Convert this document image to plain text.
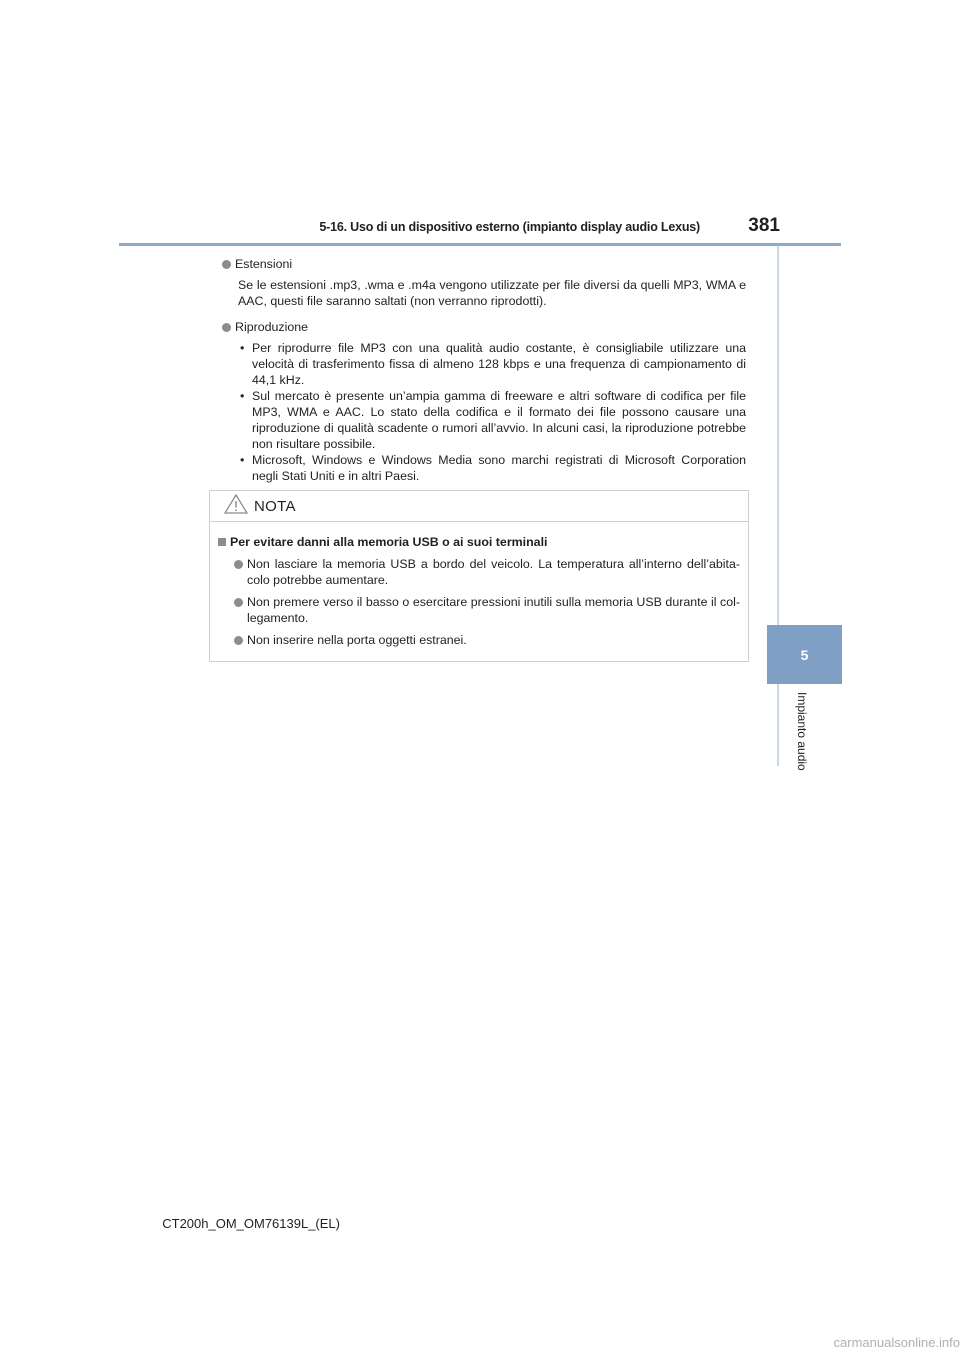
5-16. Uso di un dispositivo esterno (impianto display audio Lexus)	381
5
Impianto audio
Estensioni
Se le estensioni .mp3, .wma e .m4a vengono utilizzate per file diversi da quelli MP3, WMA e AAC, questi file saranno saltati (non verranno riprodotti).
Riproduzione
• Per riprodurre file MP3 con una qualità audio costante, è consigliabile utilizzare una velocità di trasferimento fissa di almeno 128 kbps e una frequenza di campionamento di 44,1 kHz.
• Sul mercato è presente un’ampia gamma di freeware e altri software di codifica per file MP3, WMA e AAC. Lo stato della codifica e il formato dei file possono causare una riproduzione di qualità scadente o rumori all’avvio. In alcuni casi, la riproduzione potrebbe non risultare possibile.
• Microsoft, Windows e Windows Media sono marchi registrati di Microsoft Corporation negli Stati Uniti e in altri Paesi.
NOTA
Per evitare danni alla memoria USB o ai suoi terminali
Non lasciare la memoria USB a bordo del veicolo. La temperatura all’interno dell’abita-colo potrebbe aumentare.
Non premere verso il basso o esercitare pressioni inutili sulla memoria USB durante il col-legamento.
Non inserire nella porta oggetti estranei.
CT200h_OM_OM76139L_(EL)
carmanualsonline.info
